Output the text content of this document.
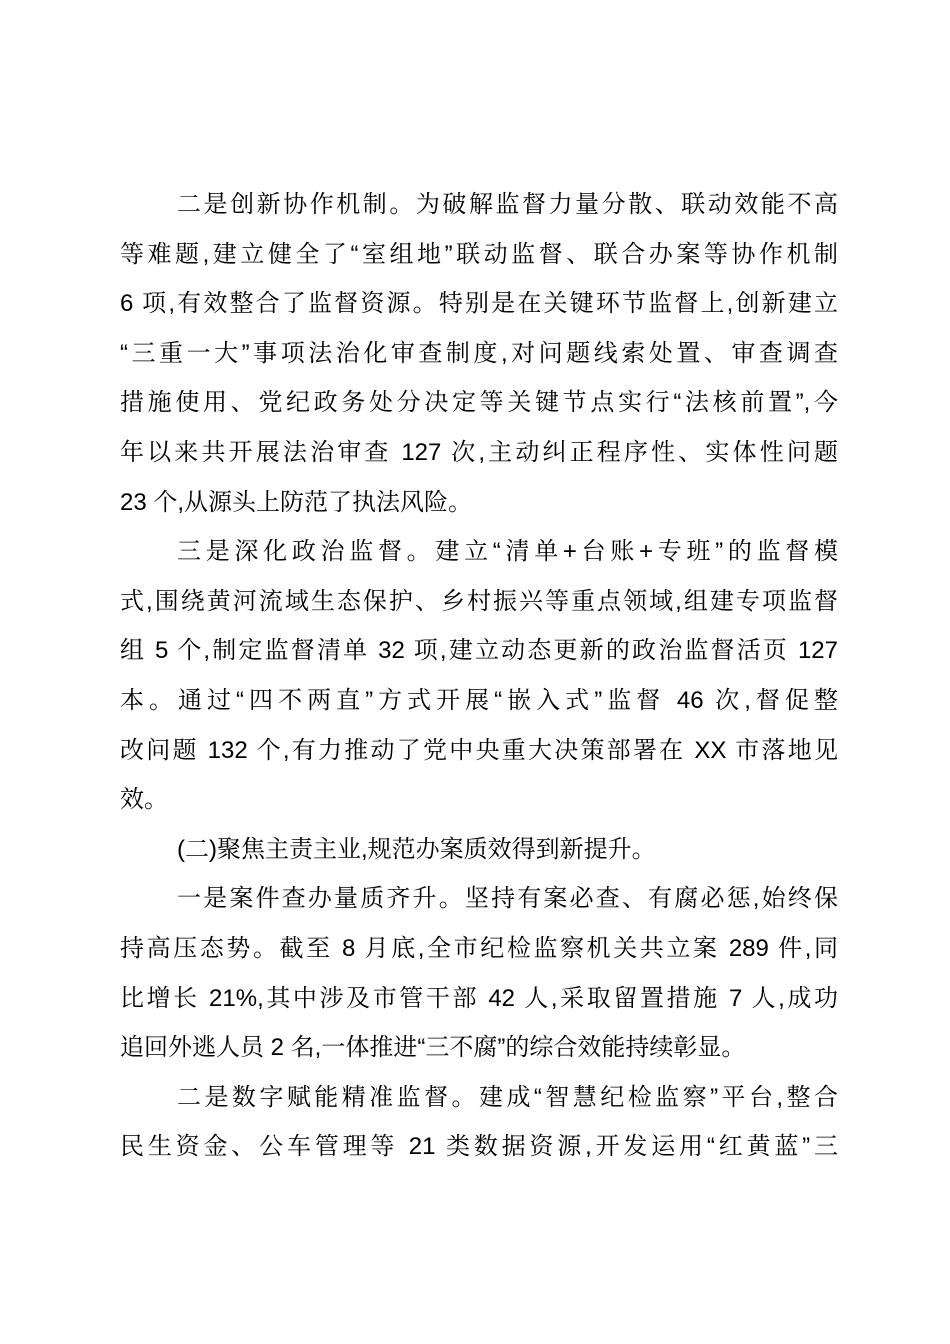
二是创新协作机制。为破解监督力量分散、联动效能不高
等难题,建立健全了“室组地”联动监督、联合办案等协作机制
6 项,有效整合了监督资源。特别是在关键环节监督上,创新建立
“三重一大”事项法治化审查制度,对问题线索处置、审查调查
措施使用、党纪政务处分决定等关键节点实行“法核前置”,今
年以来共开展法治审查 127 次,主动纠正程序性、实体性问题
23 个,从源头上防范了执法风险。
三是深化政治监督。建立“清单+台账+专班”的监督模
式,围绕黄河流域生态保护、乡村振兴等重点领域,组建专项监督
组 5 个,制定监督清单 32 项,建立动态更新的政治监督活页 127
本。通过“四不两直”方式开展“嵌入式”监督 46 次,督促整
改问题 132 个,有力推动了党中央重大决策部署在 XX 市落地见
效。
(二)聚焦主责主业,规范办案质效得到新提升。
一是案件查办量质齐升。坚持有案必查、有腐必惩,始终保
持高压态势。截至 8 月底,全市纪检监察机关共立案 289 件,同
比增长 21%,其中涉及市管干部 42 人,采取留置措施 7 人,成功
追回外逃人员 2 名,一体推进“三不腐”的综合效能持续彰显。
二是数字赋能精准监督。建成“智慧纪检监察”平台,整合
民生资金、公车管理等 21 类数据资源,开发运用“红黄蓝”三
